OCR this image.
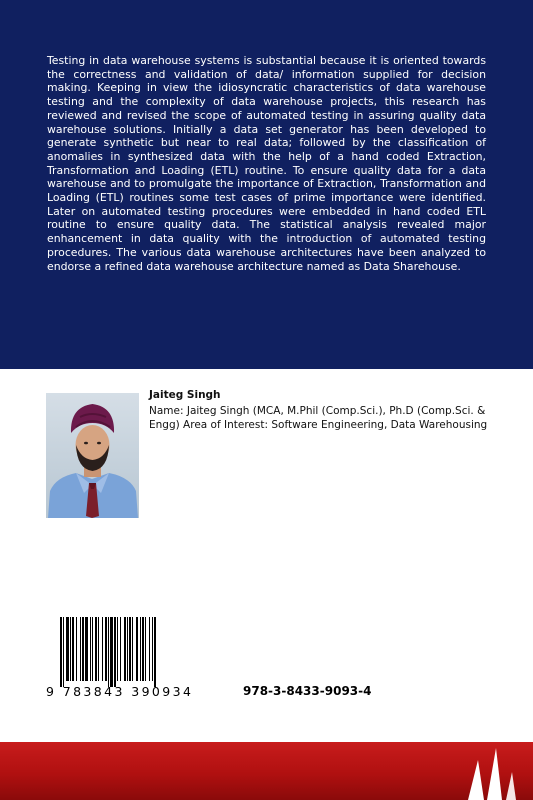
Testing in data warehouse systems is substantial because it is oriented towards the correctness and validation of data/ information supplied for decision making. Keeping in view the idiosyncratic characteristics of data warehouse testing and the complexity of data warehouse projects, this research has reviewed and revised the scope of automated testing in assuring quality data warehouse solutions. Initially a data set generator has been developed to generate synthetic but near to real data; followed by the classification of anomalies in synthesized data with the help of a hand coded Extraction, Transformation and Loading (ETL) routine. To ensure quality data for a data warehouse and to promulgate the importance of Extraction, Transformation and Loading (ETL) routines some test cases of prime importance were identified. Later on automated testing procedures were embedded in hand coded ETL routine to ensure quality data. The statistical analysis revealed major enhancement in data quality with the introduction of automated testing procedures. The various data warehouse architectures have been analyzed to endorse a refined data warehouse architecture named as Data Sharehouse.

Jaiteg Singh

Name: Jaiteg Singh (MCA, M.Phil (Comp.Sci.), Ph.D (Comp.Sci. & Engg) Area of Interest: Software Engineering, Data Warehousing

9 783843 390934	978-3-8433-9093-4
